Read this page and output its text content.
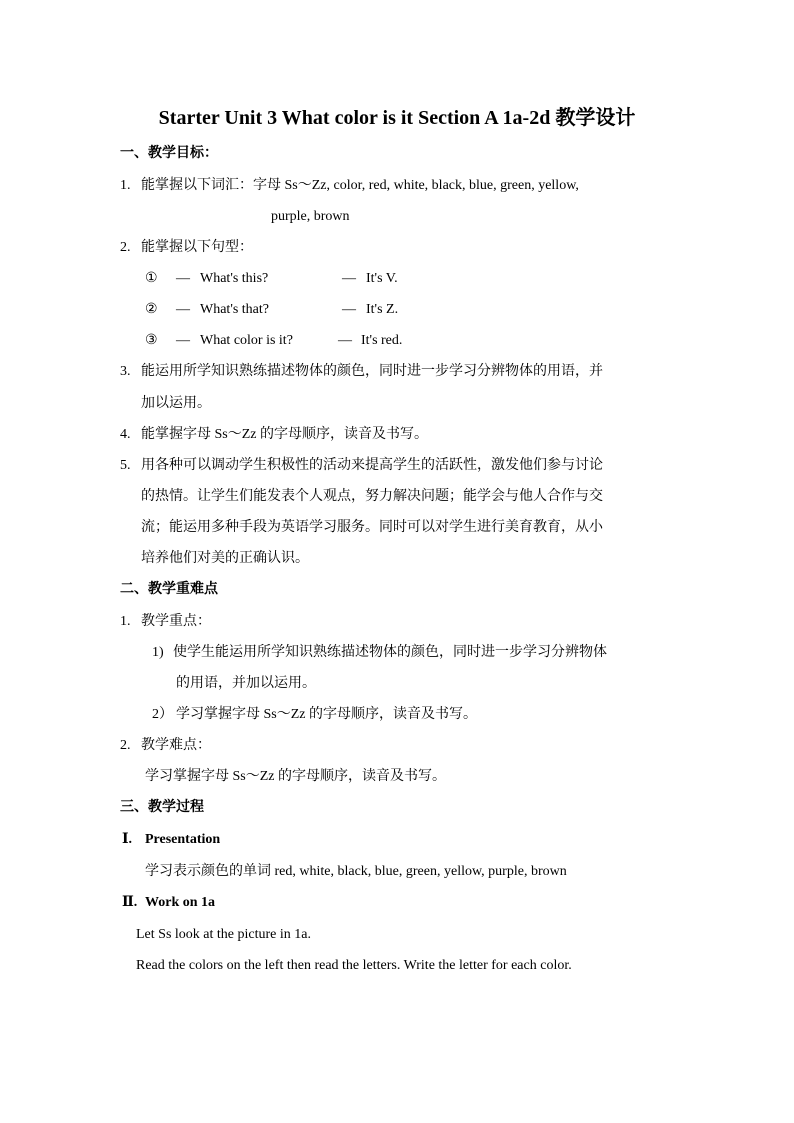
Starter Unit 3 What color is it Section A 1a-2d 教学设计
一、教学目标：
1. 能掌握以下词汇：字母 Ss～Zz, color, red, white, black, blue, green, yellow,
purple, brown
2. 能掌握以下句型：
① — What's this?	— It's V.
② — What's that?	— It's Z.
③ — What color is it?	— It's red.
3. 能运用所学知识熟练描述物体的颜色，同时进一步学习分辨物体的用语，并
加以运用。
4. 能掌握字母 Ss～Zz 的字母顺序，读音及书写。
5. 用各种可以调动学生积极性的活动来提高学生的活跃性，激发他们参与讨论
的热情。让学生们能发表个人观点，努力解决问题；能学会与他人合作与交
流；能运用多种手段为英语学习服务。同时可以对学生进行美育教育，从小
培养他们对美的正确认识。
二、教学重难点
1. 教学重点：
1) 使学生能运用所学知识熟练描述物体的颜色，同时进一步学习分辨物体
的用语，并加以运用。
2） 学习掌握字母 Ss～Zz 的字母顺序，读音及书写。
2. 教学难点：
学习掌握字母 Ss～Zz 的字母顺序，读音及书写。
三、教学过程
Ⅰ. Presentation
学习表示颜色的单词 red, white, black, blue, green, yellow, purple, brown
Ⅱ. Work on 1a
Let Ss look at the picture in 1a.
Read the colors on the left then read the letters. Write the letter for each color.
